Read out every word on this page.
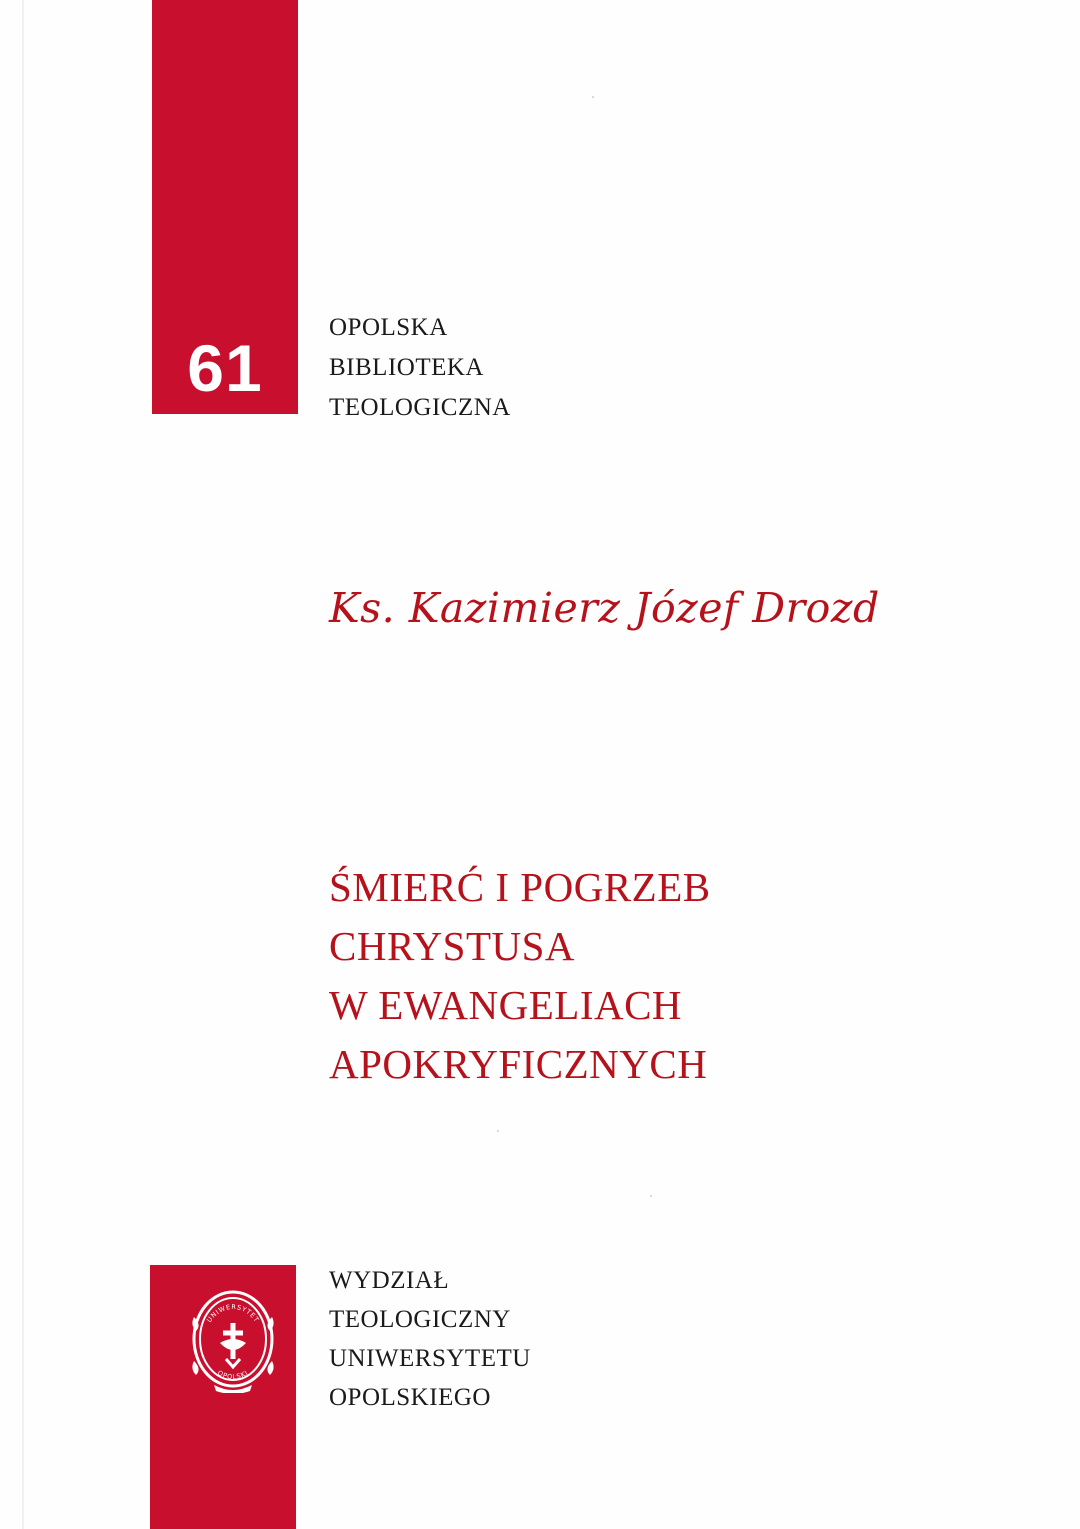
61
OPOLSKA
BIBLIOTEKA
TEOLOGICZNA
Ks. Kazimierz Józef Drozd
ŚMIERĆ I POGRZEB
CHRYSTUSA
W EWANGELIACH
APOKRYFICZNYCH
UNIWERSYTET
OPOLSKI
WYDZIAŁ
TEOLOGICZNY
UNIWERSYTETU
OPOLSKIEGO
